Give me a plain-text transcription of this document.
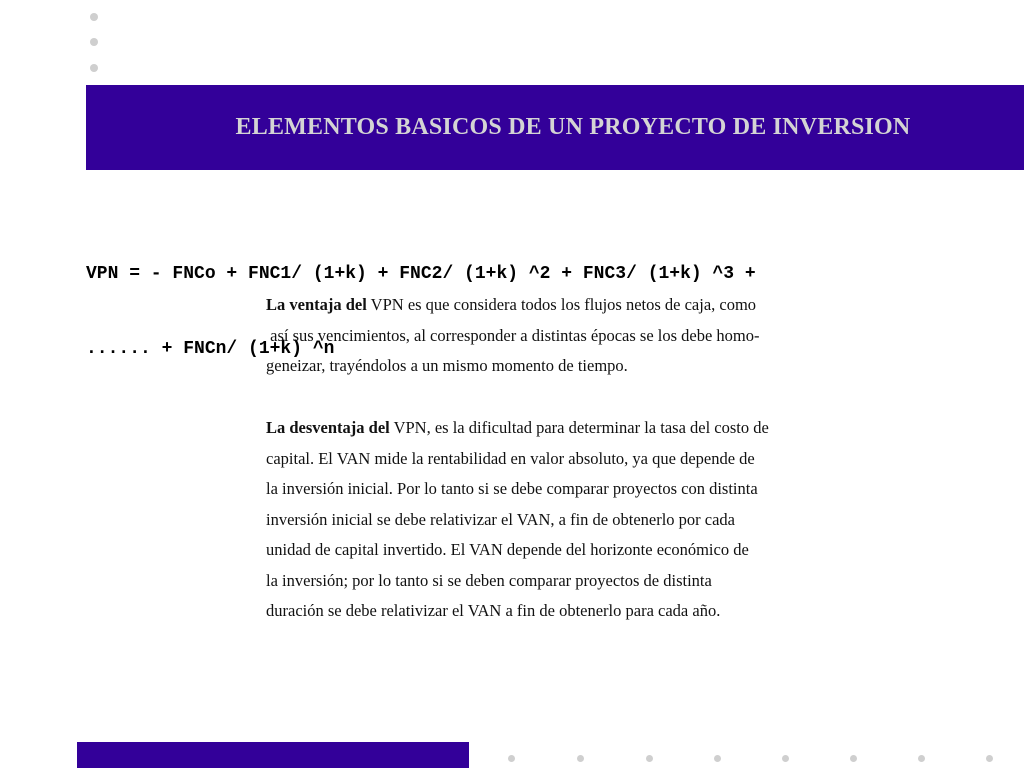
ELEMENTOS BASICOS DE UN PROYECTO DE INVERSION

VPN = - FNCo + FNC1/ (1+k) + FNC2/ (1+k) ^2 + FNC3/ (1+k) ^3 +

...... + FNCn/ (1+k) ^n

La ventaja del VPN es que considera todos los flujos netos de caja, como
así sus vencimientos, al corresponder a distintas épocas se los debe homo-
geneizar, trayéndolos a un mismo momento de tiempo.
La desventaja del VPN, es la dificultad para determinar la tasa del costo de
capital. El VAN mide la rentabilidad en valor absoluto, ya que depende de
la inversión inicial. Por lo tanto si se debe comparar proyectos con distinta
inversión inicial se debe relativizar el VAN, a fin de obtenerlo por cada
unidad de capital invertido. El VAN depende del horizonte económico de
la inversión; por lo tanto si se deben comparar proyectos de distinta
duración se debe relativizar el VAN a fin de obtenerlo para cada año.
